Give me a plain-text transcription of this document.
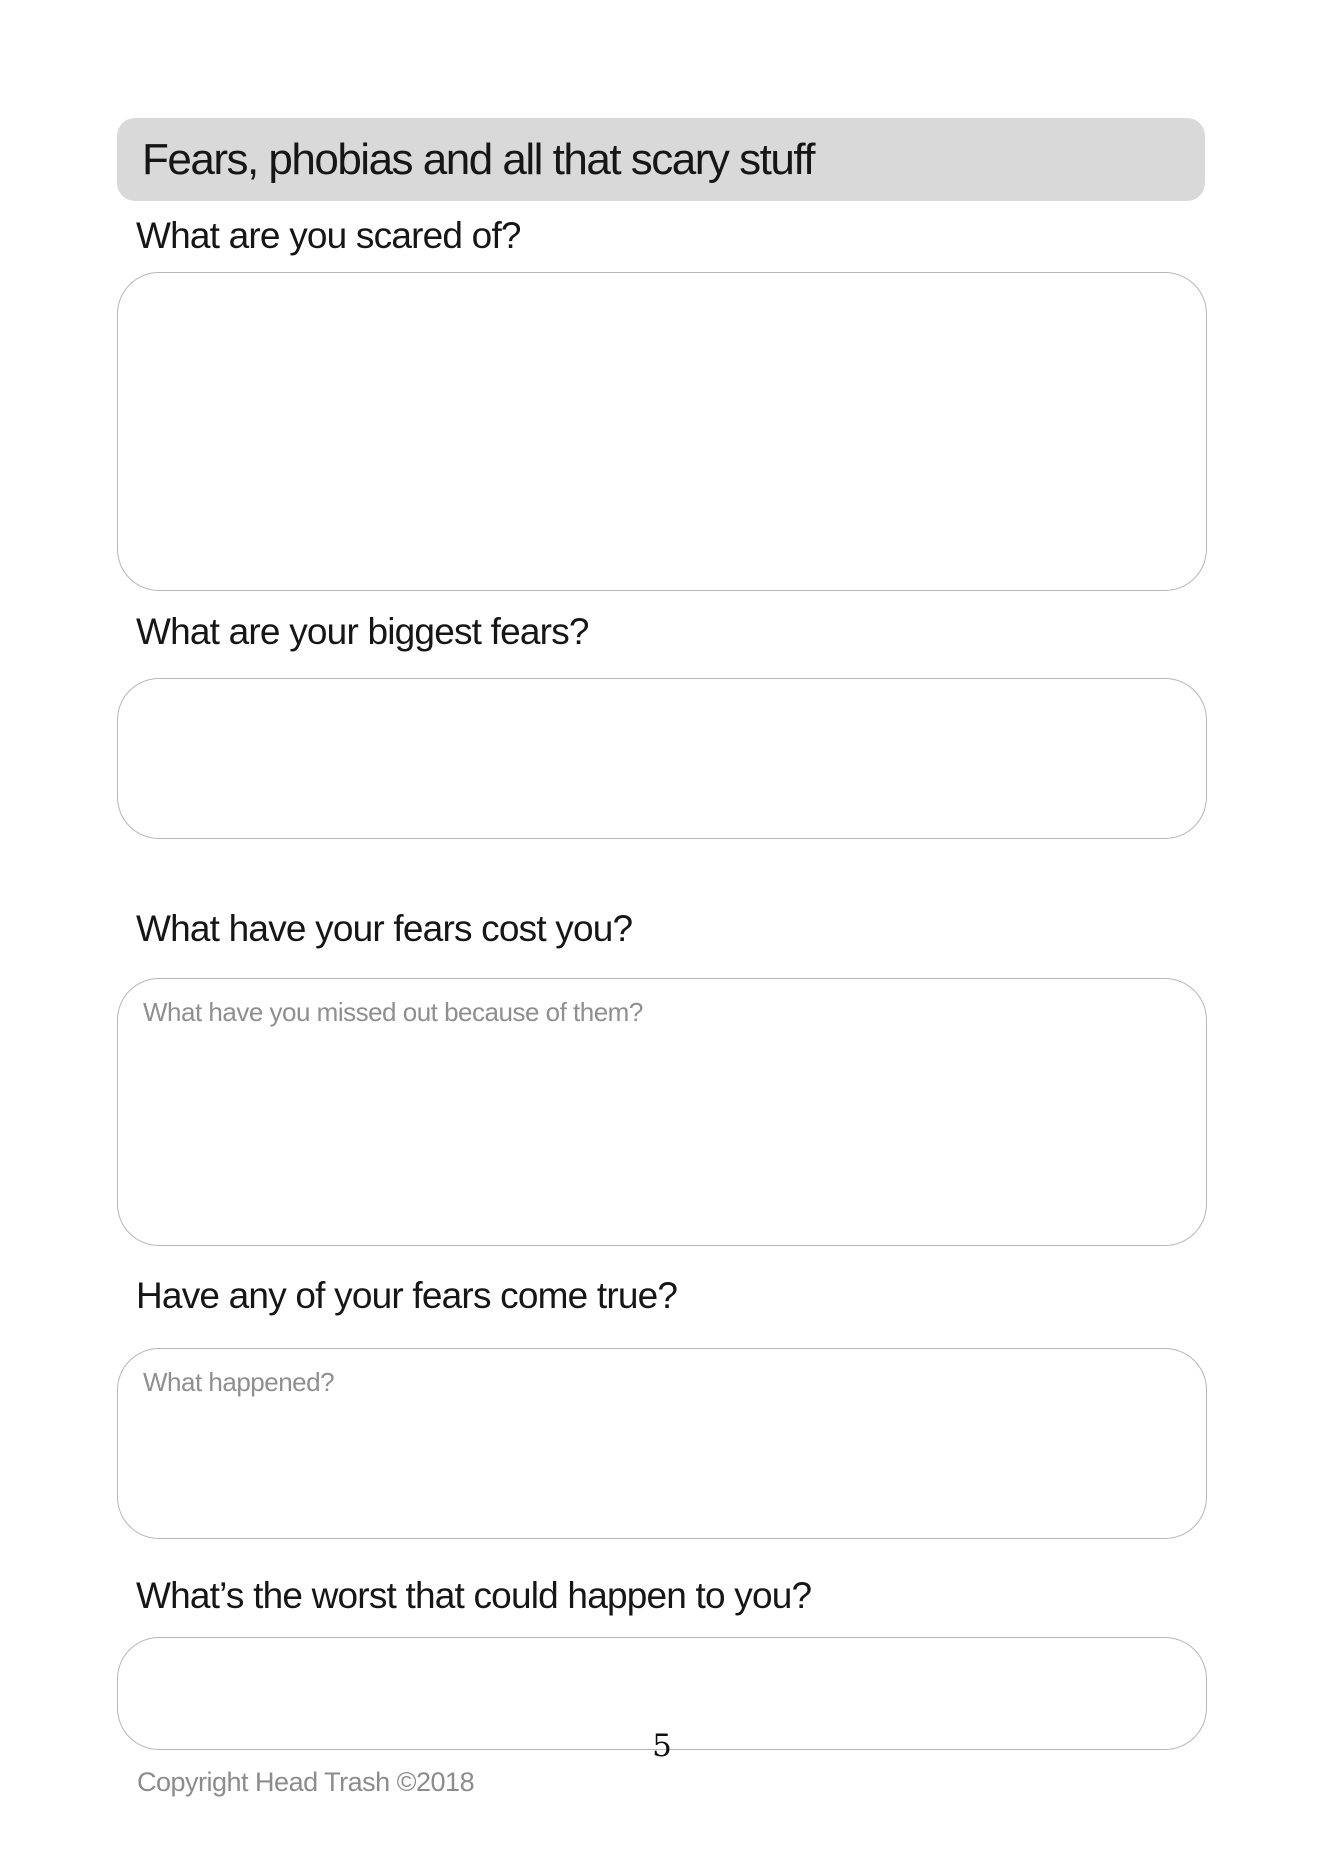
Fears, phobias and all that scary stuff
What are you scared of?
What are your biggest fears?
What have your fears cost you?
What have you missed out because of them?
Have any of your fears come true?
What happened?
What’s the worst that could happen to you?
5
Copyright Head Trash ©2018
